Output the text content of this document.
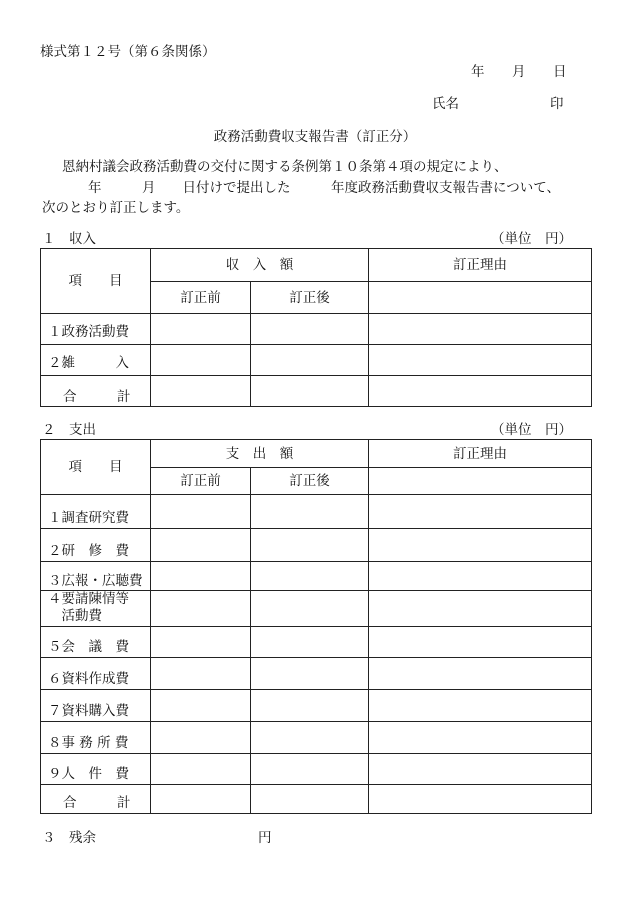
様式第１２号（第６条関係）
年 月 日
氏名	印
政務活動費収支報告書（訂正分）
恩納村議会政務活動費の交付に関する条例第１０条第４項の規定により、
年　　　月　　日付けで提出した　　　年度政務活動費収支報告書について、
次のとおり訂正します。
１　収入	（単位　円）
項　　目	収　入　額		訂正理由
	訂正前	訂正後	
１政務活動費			
２雑　　　入			
合　　　計			
２　支出	（単位　円）
項　　目	支　出　額		訂正理由
	訂正前	訂正後	
１調査研究費			
２研　修　費			
３広報・広聴費			
４要請陳情等
　活動費			
５会　議　費			
６資料作成費			
７資料購入費			
８事 務 所 費			
９人　件　費			
合　　　計			
３　残余	円
